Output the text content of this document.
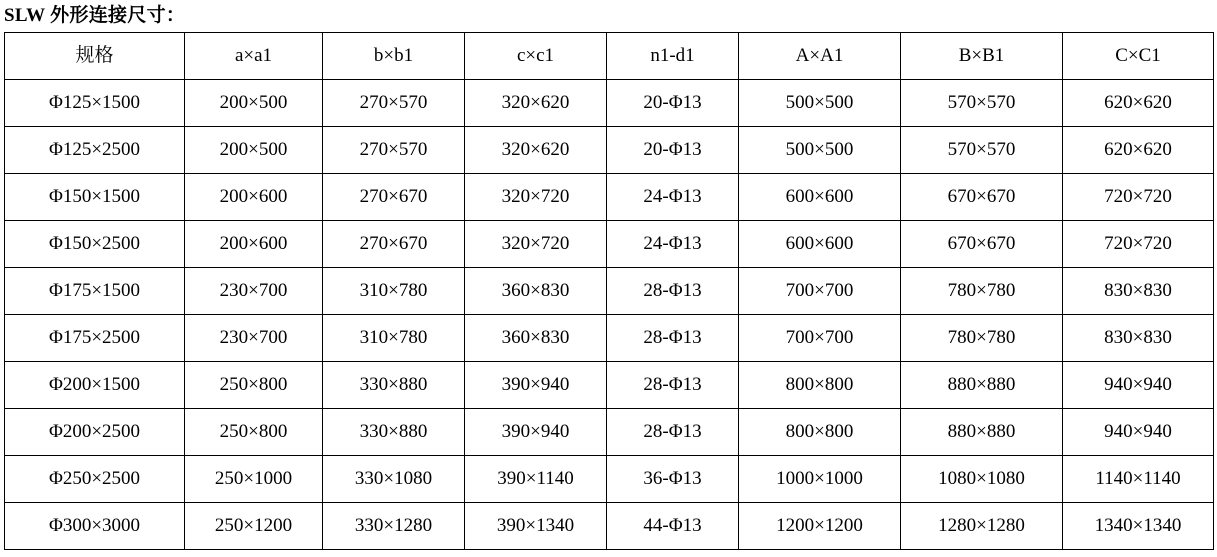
SLW 外形连接尺寸：
规格	a×a1	b×b1	c×c1	n1-d1	A×A1	B×B1	C×C1
Φ125×1500	200×500	270×570	320×620	20-Φ13	500×500	570×570	620×620
Φ125×2500	200×500	270×570	320×620	20-Φ13	500×500	570×570	620×620
Φ150×1500	200×600	270×670	320×720	24-Φ13	600×600	670×670	720×720
Φ150×2500	200×600	270×670	320×720	24-Φ13	600×600	670×670	720×720
Φ175×1500	230×700	310×780	360×830	28-Φ13	700×700	780×780	830×830
Φ175×2500	230×700	310×780	360×830	28-Φ13	700×700	780×780	830×830
Φ200×1500	250×800	330×880	390×940	28-Φ13	800×800	880×880	940×940
Φ200×2500	250×800	330×880	390×940	28-Φ13	800×800	880×880	940×940
Φ250×2500	250×1000	330×1080	390×1140	36-Φ13	1000×1000	1080×1080	1140×1140
Φ300×3000	250×1200	330×1280	390×1340	44-Φ13	1200×1200	1280×1280	1340×1340
